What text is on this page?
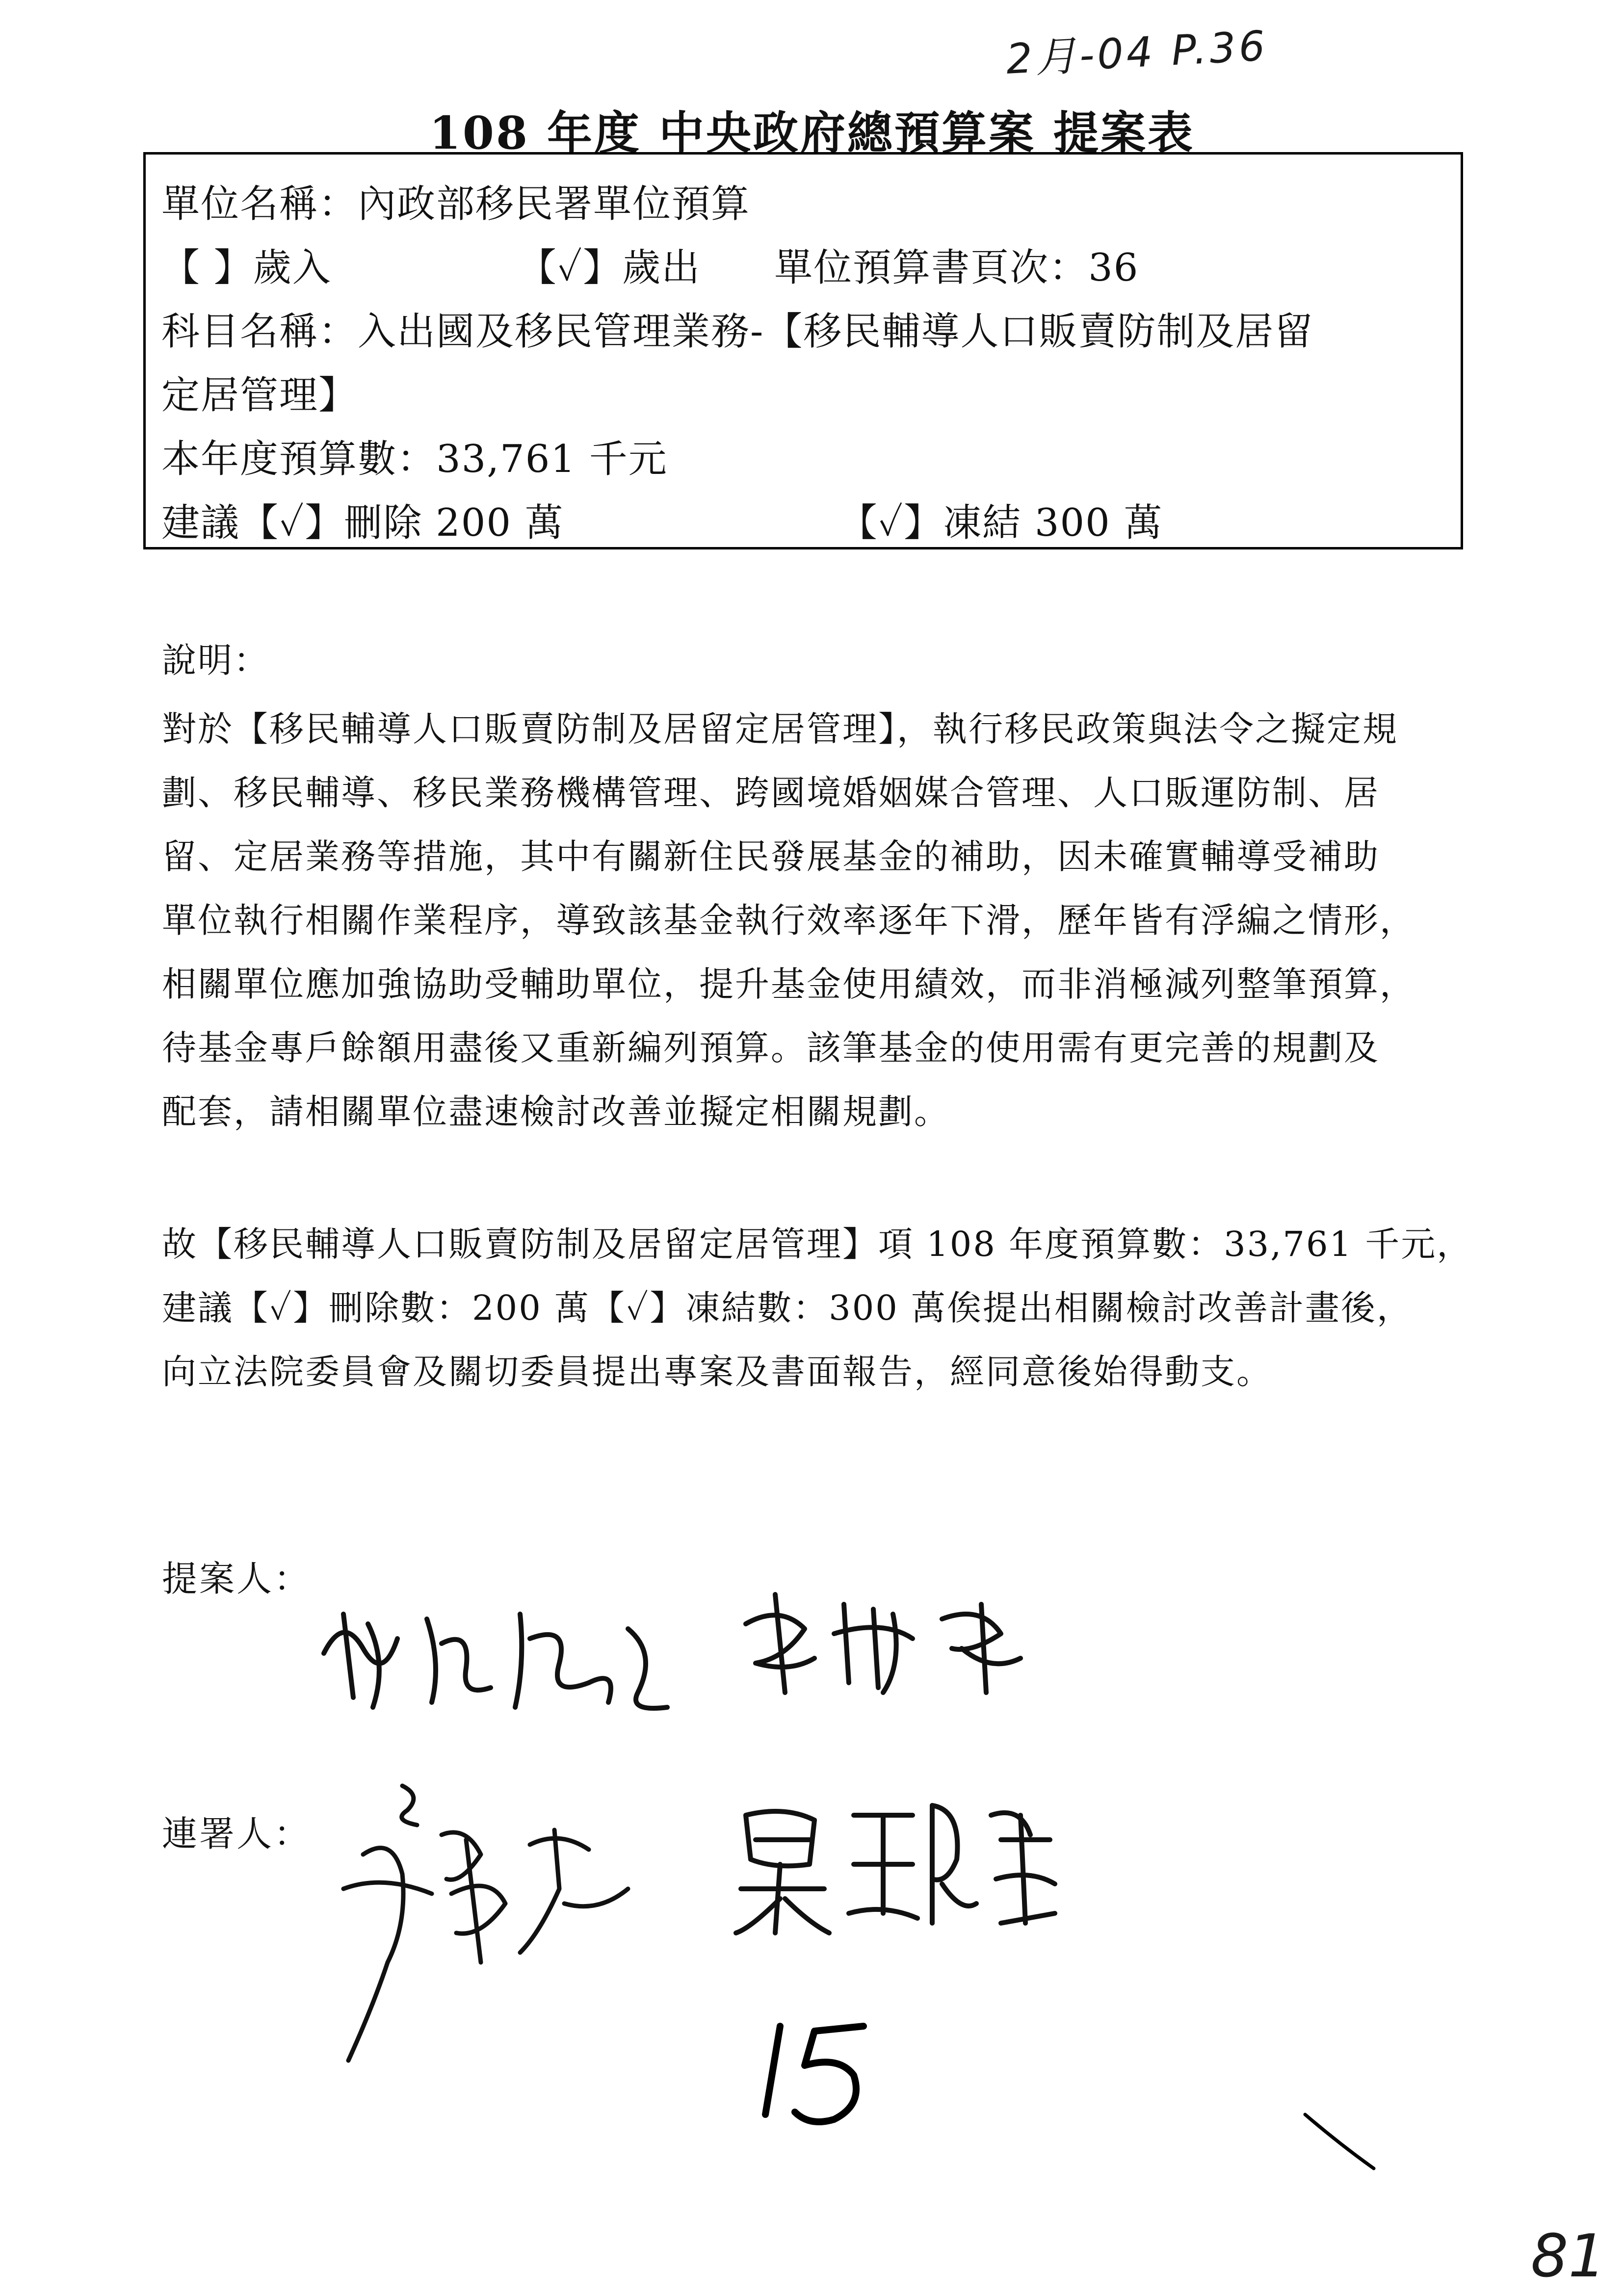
2月-04 P.36
108 年度 中央政府總預算案 提案表
單位名稱：內政部移民署單位預算
【 】歲入	【✓】歲出 單位預算書頁次：36
科目名稱：入出國及移民管理業務-【移民輔導人口販賣防制及居留
定居管理】
本年度預算數：33,761 千元
建議【✓】刪除 200 萬	【✓】凍結 300 萬
說明：
對於【移民輔導人口販賣防制及居留定居管理】，執行移民政策與法令之擬定規
劃、移民輔導、移民業務機構管理、跨國境婚姻媒合管理、人口販運防制、居
留、定居業務等措施，其中有關新住民發展基金的補助，因未確實輔導受補助
單位執行相關作業程序，導致該基金執行效率逐年下滑，歷年皆有浮編之情形，
相關單位應加強協助受輔助單位，提升基金使用績效，而非消極減列整筆預算，
待基金專戶餘額用盡後又重新編列預算。該筆基金的使用需有更完善的規劃及
配套，請相關單位盡速檢討改善並擬定相關規劃。
故【移民輔導人口販賣防制及居留定居管理】項 108 年度預算數：33,761 千元，
建議【✓】刪除數：200 萬【✓】凍結數：300 萬俟提出相關檢討改善計畫後，
向立法院委員會及關切委員提出專案及書面報告，經同意後始得動支。
提案人：
連署人：
81
